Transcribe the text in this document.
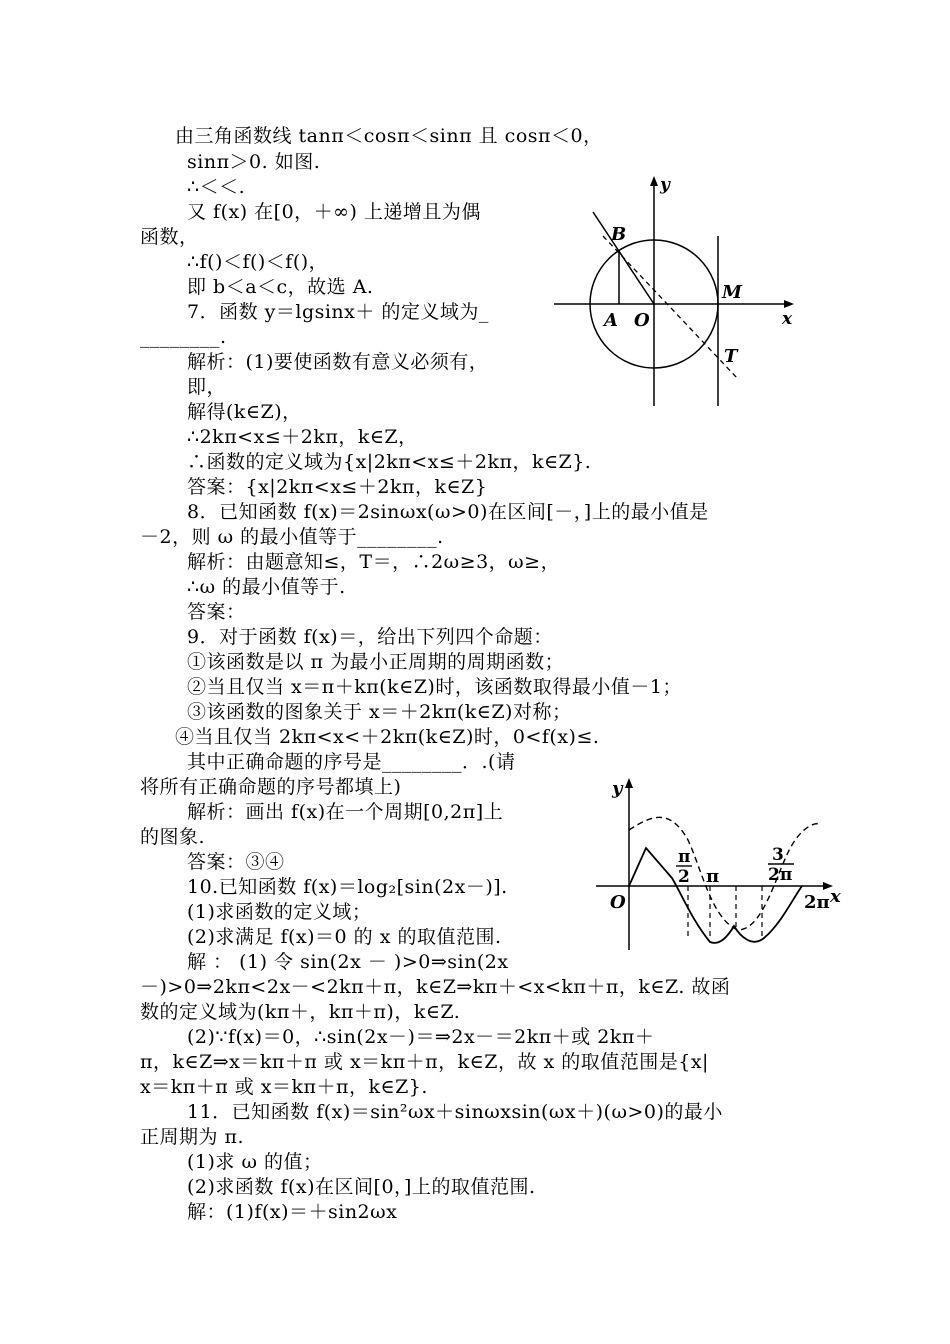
由三角函数线 tanπ＜cosπ＜sinπ 且 cosπ＜0，
sinπ＞0. 如图.
∴＜＜.
又 f(x) 在[0，＋∞) 上递增且为偶
函数，
∴f()＜f()＜f()，
即 b＜a＜c，故选 A.
7．函数 y＝lgsinx＋ 的定义域为_
________.
解析：(1)要使函数有意义必须有，
即，
解得(k∈Z)，
∴2kπ<x≤＋2kπ，k∈Z，
∴函数的定义域为{x|2kπ<x≤＋2kπ，k∈Z}.
答案：{x|2kπ<x≤＋2kπ，k∈Z}
8．已知函数 f(x)＝2sinωx(ω>0)在区间[－，]上的最小值是
－2，则 ω 的最小值等于________.
解析：由题意知≤，T＝，∴2ω≥3，ω≥，
∴ω 的最小值等于.
答案：
9．对于函数 f(x)＝，给出下列四个命题：
①该函数是以 π 为最小正周期的周期函数；
②当且仅当 x＝π＋kπ(k∈Z)时，该函数取得最小值－1；
③该函数的图象关于 x＝＋2kπ(k∈Z)对称；
④当且仅当 2kπ<x<＋2kπ(k∈Z)时，0<f(x)≤.
其中正确命题的序号是________．.(请
将所有正确命题的序号都填上)
解析：画出 f(x)在一个周期[0,2π]上
的图象.
答案：③④
10.已知函数 f(x)＝log₂[sin(2x－)].
(1)求函数的定义域；
(2)求满足 f(x)＝0 的 x 的取值范围.
解 ： (1) 令 sin(2x － )>0⇒sin(2x
－)>0⇒2kπ<2x－<2kπ＋π，k∈Z⇒kπ＋<x<kπ＋π，k∈Z. 故函
数的定义域为(kπ＋，kπ＋π)，k∈Z.
(2)∵f(x)＝0，∴sin(2x－)＝⇒2x－＝2kπ＋或 2kπ＋
π，k∈Z⇒x＝kπ＋π 或 x＝kπ＋π，k∈Z，故 x 的取值范围是{x|
x＝kπ＋π 或 x＝kπ＋π，k∈Z}.
11．已知函数 f(x)＝sin²ωx＋sinωxsin(ωx＋)(ω>0)的最小
正周期为 π.
(1)求 ω 的值；
(2)求函数 f(x)在区间[0，]上的取值范围.
解：(1)f(x)＝＋sin2ωx
y
B
M
A O	x
T
y
O	x
π
2 π
3
2π
2π
